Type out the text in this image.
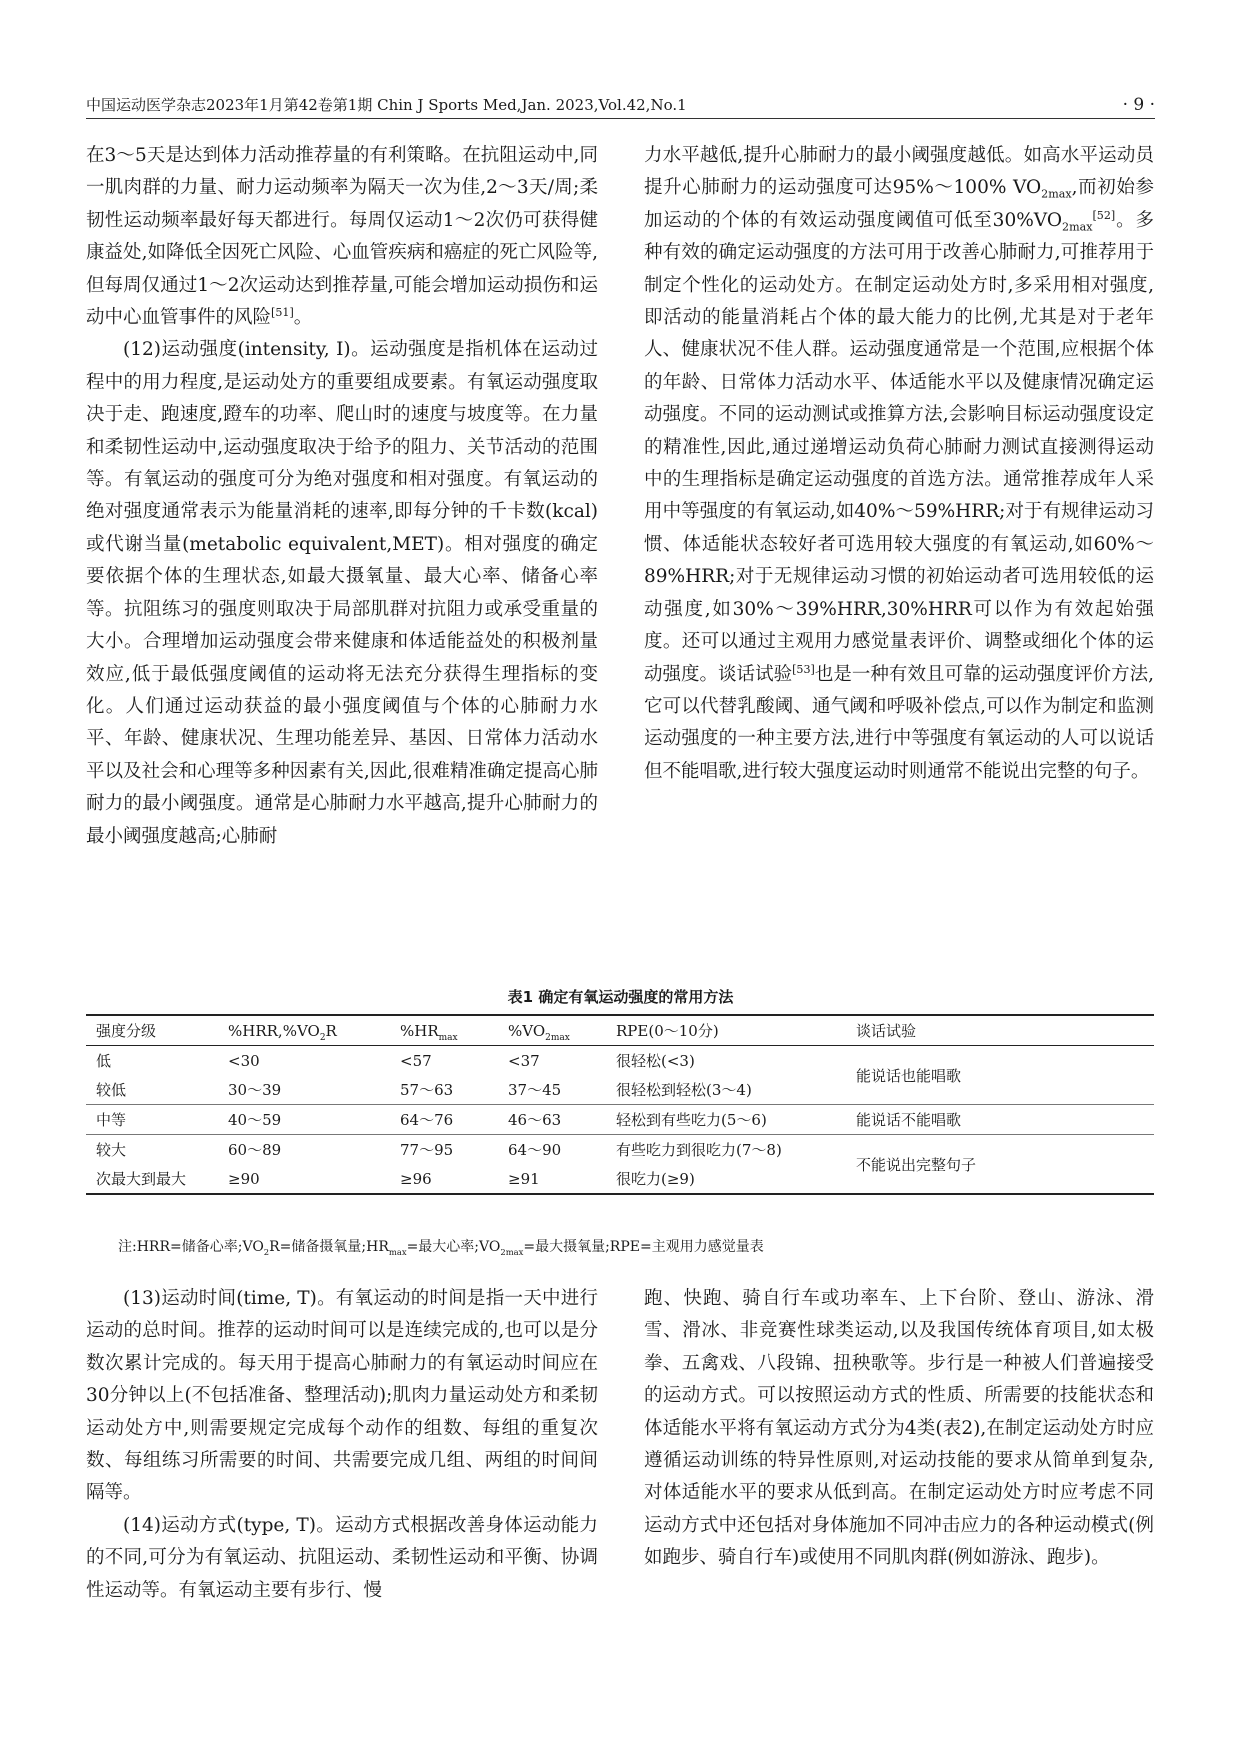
中国运动医学杂志2023年1月第42卷第1期 Chin J Sports Med,Jan. 2023,Vol.42,No.1	· 9 ·

在3～5天是达到体力活动推荐量的有利策略。在抗阻运动中,同一肌肉群的力量、耐力运动频率为隔天一次为佳,2～3天/周;柔韧性运动频率最好每天都进行。每周仅运动1～2次仍可获得健康益处,如降低全因死亡风险、心血管疾病和癌症的死亡风险等,但每周仅通过1～2次运动达到推荐量,可能会增加运动损伤和运动中心血管事件的风险[51]。

(12)运动强度(intensity, I)。运动强度是指机体在运动过程中的用力程度,是运动处方的重要组成要素。有氧运动强度取决于走、跑速度,蹬车的功率、爬山时的速度与坡度等。在力量和柔韧性运动中,运动强度取决于给予的阻力、关节活动的范围等。有氧运动的强度可分为绝对强度和相对强度。有氧运动的绝对强度通常表示为能量消耗的速率,即每分钟的千卡数(kcal)或代谢当量(metabolic equivalent,MET)。相对强度的确定要依据个体的生理状态,如最大摄氧量、最大心率、储备心率等。抗阻练习的强度则取决于局部肌群对抗阻力或承受重量的大小。合理增加运动强度会带来健康和体适能益处的积极剂量效应,低于最低强度阈值的运动将无法充分获得生理指标的变化。人们通过运动获益的最小强度阈值与个体的心肺耐力水平、年龄、健康状况、生理功能差异、基因、日常体力活动水平以及社会和心理等多种因素有关,因此,很难精准确定提高心肺耐力的最小阈强度。通常是心肺耐力水平越高,提升心肺耐力的最小阈强度越高;心肺耐

力水平越低,提升心肺耐力的最小阈强度越低。如高水平运动员提升心肺耐力的运动强度可达95%～100% $VO_{2max}$,而初始参加运动的个体的有效运动强度阈值可低至$30\%VO_{2max}[52]$。多种有效的确定运动强度的方法可用于改善心肺耐力,可推荐用于制定个性化的运动处方。在制定运动处方时,多采用相对强度,即活动的能量消耗占个体的最大能力的比例,尤其是对于老年人、健康状况不佳人群。运动强度通常是一个范围,应根据个体的年龄、日常体力活动水平、体适能水平以及健康情况确定运动强度。不同的运动测试或推算方法,会影响目标运动强度设定的精准性,因此,通过递增运动负荷心肺耐力测试直接测得运动中的生理指标是确定运动强度的首选方法。通常推荐成年人采用中等强度的有氧运动,如40%～59%HRR;对于有规律运动习惯、体适能状态较好者可选用较大强度的有氧运动,如60%～89%HRR;对于无规律运动习惯的初始运动者可选用较低的运动强度,如30%～39%HRR,30%HRR可以作为有效起始强度。还可以通过主观用力感觉量表评价、调整或细化个体的运动强度。谈话试验[53]也是一种有效且可靠的运动强度评价方法,它可以代替乳酸阈、通气阈和呼吸补偿点,可以作为制定和监测运动强度的一种主要方法,进行中等强度有氧运动的人可以说话但不能唱歌,进行较大强度运动时则通常不能说出完整的句子。

表1 确定有氧运动强度的常用方法
强度分级	$\%HRR,\%VO_2R$	$\%HR_{max}$	$\%VO_{2max}$	RPE(0～10分)	谈话试验
低	<30	<57	<37	很轻松(<3)	能说话也能唱歌
较低	30～39	57～63	37～45	很轻松到轻松(3～4)	
中等	40～59	64～76	46～63	轻松到有些吃力(5～6)	能说话不能唱歌
较大	60～89	77～95	64～90	有些吃力到很吃力(7～8)	不能说出完整句子
次最大到最大	≥90	≥96	≥91	很吃力(≥9)	
注:HRR=储备心率$;VO_2R=$储备摄氧量$;HR_{max}=$最大心率$;VO_{2max}=$最大摄氧量;RPE=主观用力感觉量表

(13)运动时间(time, T)。有氧运动的时间是指一天中进行运动的总时间。推荐的运动时间可以是连续完成的,也可以是分数次累计完成的。每天用于提高心肺耐力的有氧运动时间应在30分钟以上(不包括准备、整理活动);肌肉力量运动处方和柔韧运动处方中,则需要规定完成每个动作的组数、每组的重复次数、每组练习所需要的时间、共需要完成几组、两组的时间间隔等。

(14)运动方式(type, T)。运动方式根据改善身体运动能力的不同,可分为有氧运动、抗阻运动、柔韧性运动和平衡、协调性运动等。有氧运动主要有步行、慢

跑、快跑、骑自行车或功率车、上下台阶、登山、游泳、滑雪、滑冰、非竞赛性球类运动,以及我国传统体育项目,如太极拳、五禽戏、八段锦、扭秧歌等。步行是一种被人们普遍接受的运动方式。可以按照运动方式的性质、所需要的技能状态和体适能水平将有氧运动方式分为4类(表2),在制定运动处方时应遵循运动训练的特异性原则,对运动技能的要求从简单到复杂,对体适能水平的要求从低到高。在制定运动处方时应考虑不同运动方式中还包括对身体施加不同冲击应力的各种运动模式(例如跑步、骑自行车)或使用不同肌肉群(例如游泳、跑步)。
